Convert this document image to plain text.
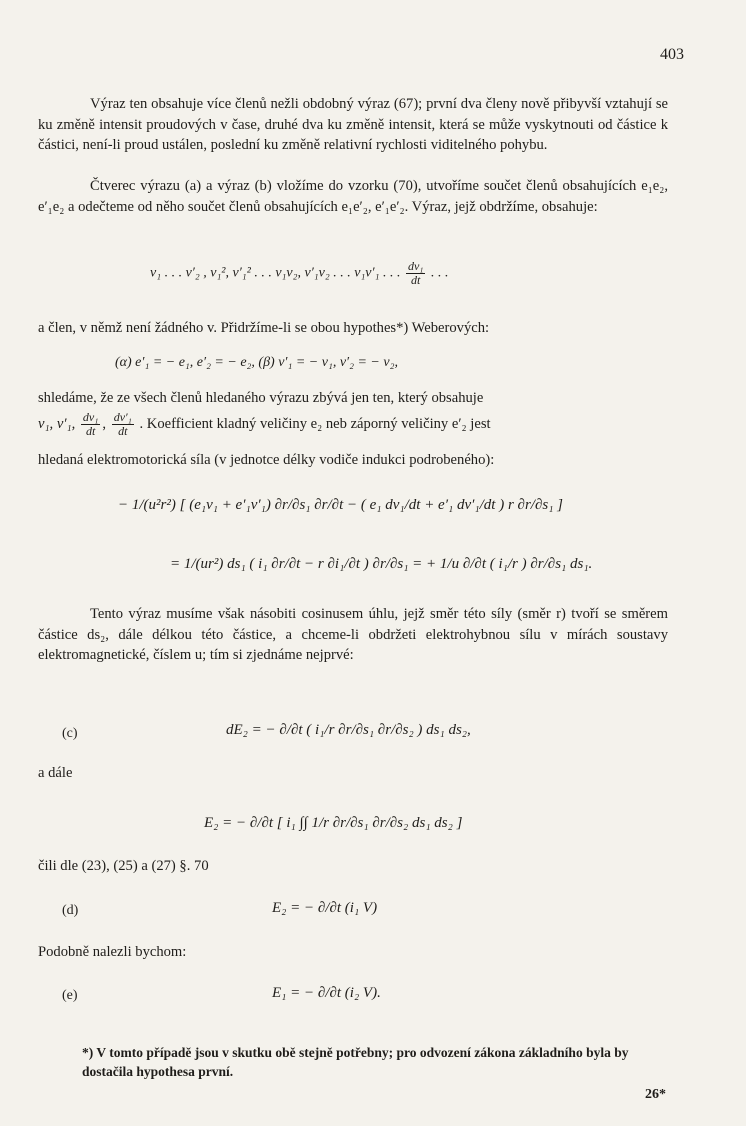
403
Výraz ten obsahuje více členů nežli obdobný výraz (67); první dva členy nově přibyvší vztahují se ku změně intensit proudových v čase, druhé dva ku změně intensit, která se může vyskytnouti od částice k částici, není-li proud ustálen, poslední ku změně relativní rychlosti viditelného pohybu.
Čtverec výrazu (a) a výraz (b) vložíme do vzorku (70), utvoříme součet členů obsahujících e₁e₂, e′₁e₂ a odečteme od něho součet členů obsahujících e₁e′₂, e′₁e′₂. Výraz, jejž obdržíme, obsahuje:
v₁ . . . v′₂ , v₁², v′₁² . . . v₁v₂, v′₁v₂ . . . v₁v′₁ . . . $\frac{\text{dv₁}}{dt}$ . . .
a člen, v němž není žádného v. Přidržíme-li se obou hypothes*) Weberových:
(α) e′₁ = − e₁, e′₂ = − e₂, (β) v′₁ = − v₁, v′₂ = − v₂,
shledáme, že ze všech členů hledaného výrazu zbývá jen ten, který obsahuje
v₁, v′₁, $\frac{\text{dv₁}}{dt}$ , $\frac{\text{dv′₁}}{dt}$ . Koefficient kladný veličiny e₂ neb záporný veličiny e′₂ jest
hledaná elektromotorická síla (v jednotce délky vodiče indukci podrobeného):
− 1/(u²r²) [ (e₁v₁ + e′₁v′₁) ∂r/∂s₁ ∂r/∂t − ( e₁ dv₁/dt + e′₁ dv′₁/dt ) r ∂r/∂s₁ ]
= 1/(ur²) ds₁ ( i₁ ∂r/∂t − r ∂i₁/∂t ) ∂r/∂s₁ = + 1/u ∂/∂t ( i₁/r ) ∂r/∂s₁ ds₁.
Tento výraz musíme však násobiti cosinusem úhlu, jejž směr této síly (směr r) tvoří se směrem částice ds₂, dále délkou této částice, a chceme-li obdržeti elektrohybnou sílu v mírách soustavy elektromagnetické, číslem u; tím si zjednáme nejprvé:
(c)	dE₂ = − ∂/∂t ( i₁/r ∂r/∂s₁ ∂r/∂s₂ ) ds₁ ds₂,
a dále
E₂ = − ∂/∂t [ i₁ ∫∫ 1/r ∂r/∂s₁ ∂r/∂s₂ ds₁ ds₂ ]
čili dle (23), (25) a (27) §. 70
(d)	E₂ = − ∂/∂t (i₁ V)
Podobně nalezli bychom:
(e)	E₁ = − ∂/∂t (i₂ V).
*) V tomto případě jsou v skutku obě stejně potřebny; pro odvození zákona základního byla by dostačila hypothesa první.
26*
